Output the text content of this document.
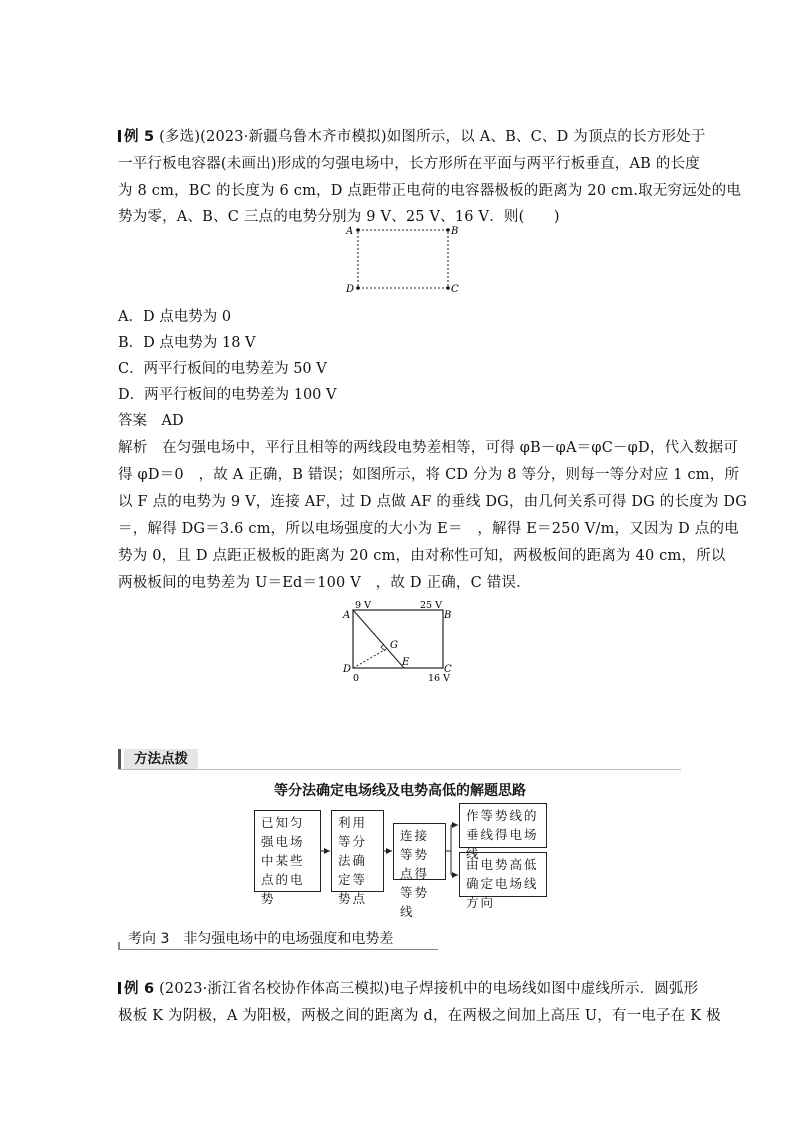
例 5 (多选)(2023·新疆乌鲁木齐市模拟)如图所示，以 A、B、C、D 为顶点的长方形处于
一平行板电容器(未画出)形成的匀强电场中，长方形所在平面与两平行板垂直，AB 的长度
为 8 cm，BC 的长度为 6 cm，D 点距带正电荷的电容器极板的距离为 20 cm.取无穷远处的电
势为零，A、B、C 三点的电势分别为 9 V、25 V、16 V．则(　　)
A	B
C
D
A．D 点电势为 0
B．D 点电势为 18 V
C．两平行板间的电势差为 50 V
D．两平行板间的电势差为 100 V
答案　 AD
解析　在匀强电场中，平行且相等的两线段电势差相等，可得 φB－φA＝φC－φD，代入数据可
得 φD＝0　，故 A 正确，B 错误；如图所示，将 CD 分为 8 等分，则每一等分对应 1 cm，所
以 F 点的电势为 9 V，连接 AF，过 D 点做 AF 的垂线 DG，由几何关系可得 DG 的长度为 DG
＝，解得 DG＝3.6 cm，所以电场强度的大小为 E＝　，解得 E＝250 V/m，又因为 D 点的电
势为 0，且 D 点距正极板的距离为 20 cm，由对称性可知，两极板间的距离为 40 cm，所以
两极板间的电势差为 U＝Ed＝100 V　，故 D 正确，C 错误．
A	B
C
D
G
E
9 V	25 V
0	16 V
方法点拨
等分法确定电场线及电势高低的解题思路
已知匀强电场中某些点的电势
利用等分法确定等势点
连接等势点得等势线
作等势线的垂线得电场线
由电势高低确定电场线方向
考向 3　非匀强电场中的电场强度和电势差
例 6 (2023·浙江省名校协作体高三模拟)电子焊接机中的电场线如图中虚线所示．圆弧形
极板 K 为阴极，A 为阳极，两极之间的距离为 d，在两极之间加上高压 U，有一电子在 K 极
